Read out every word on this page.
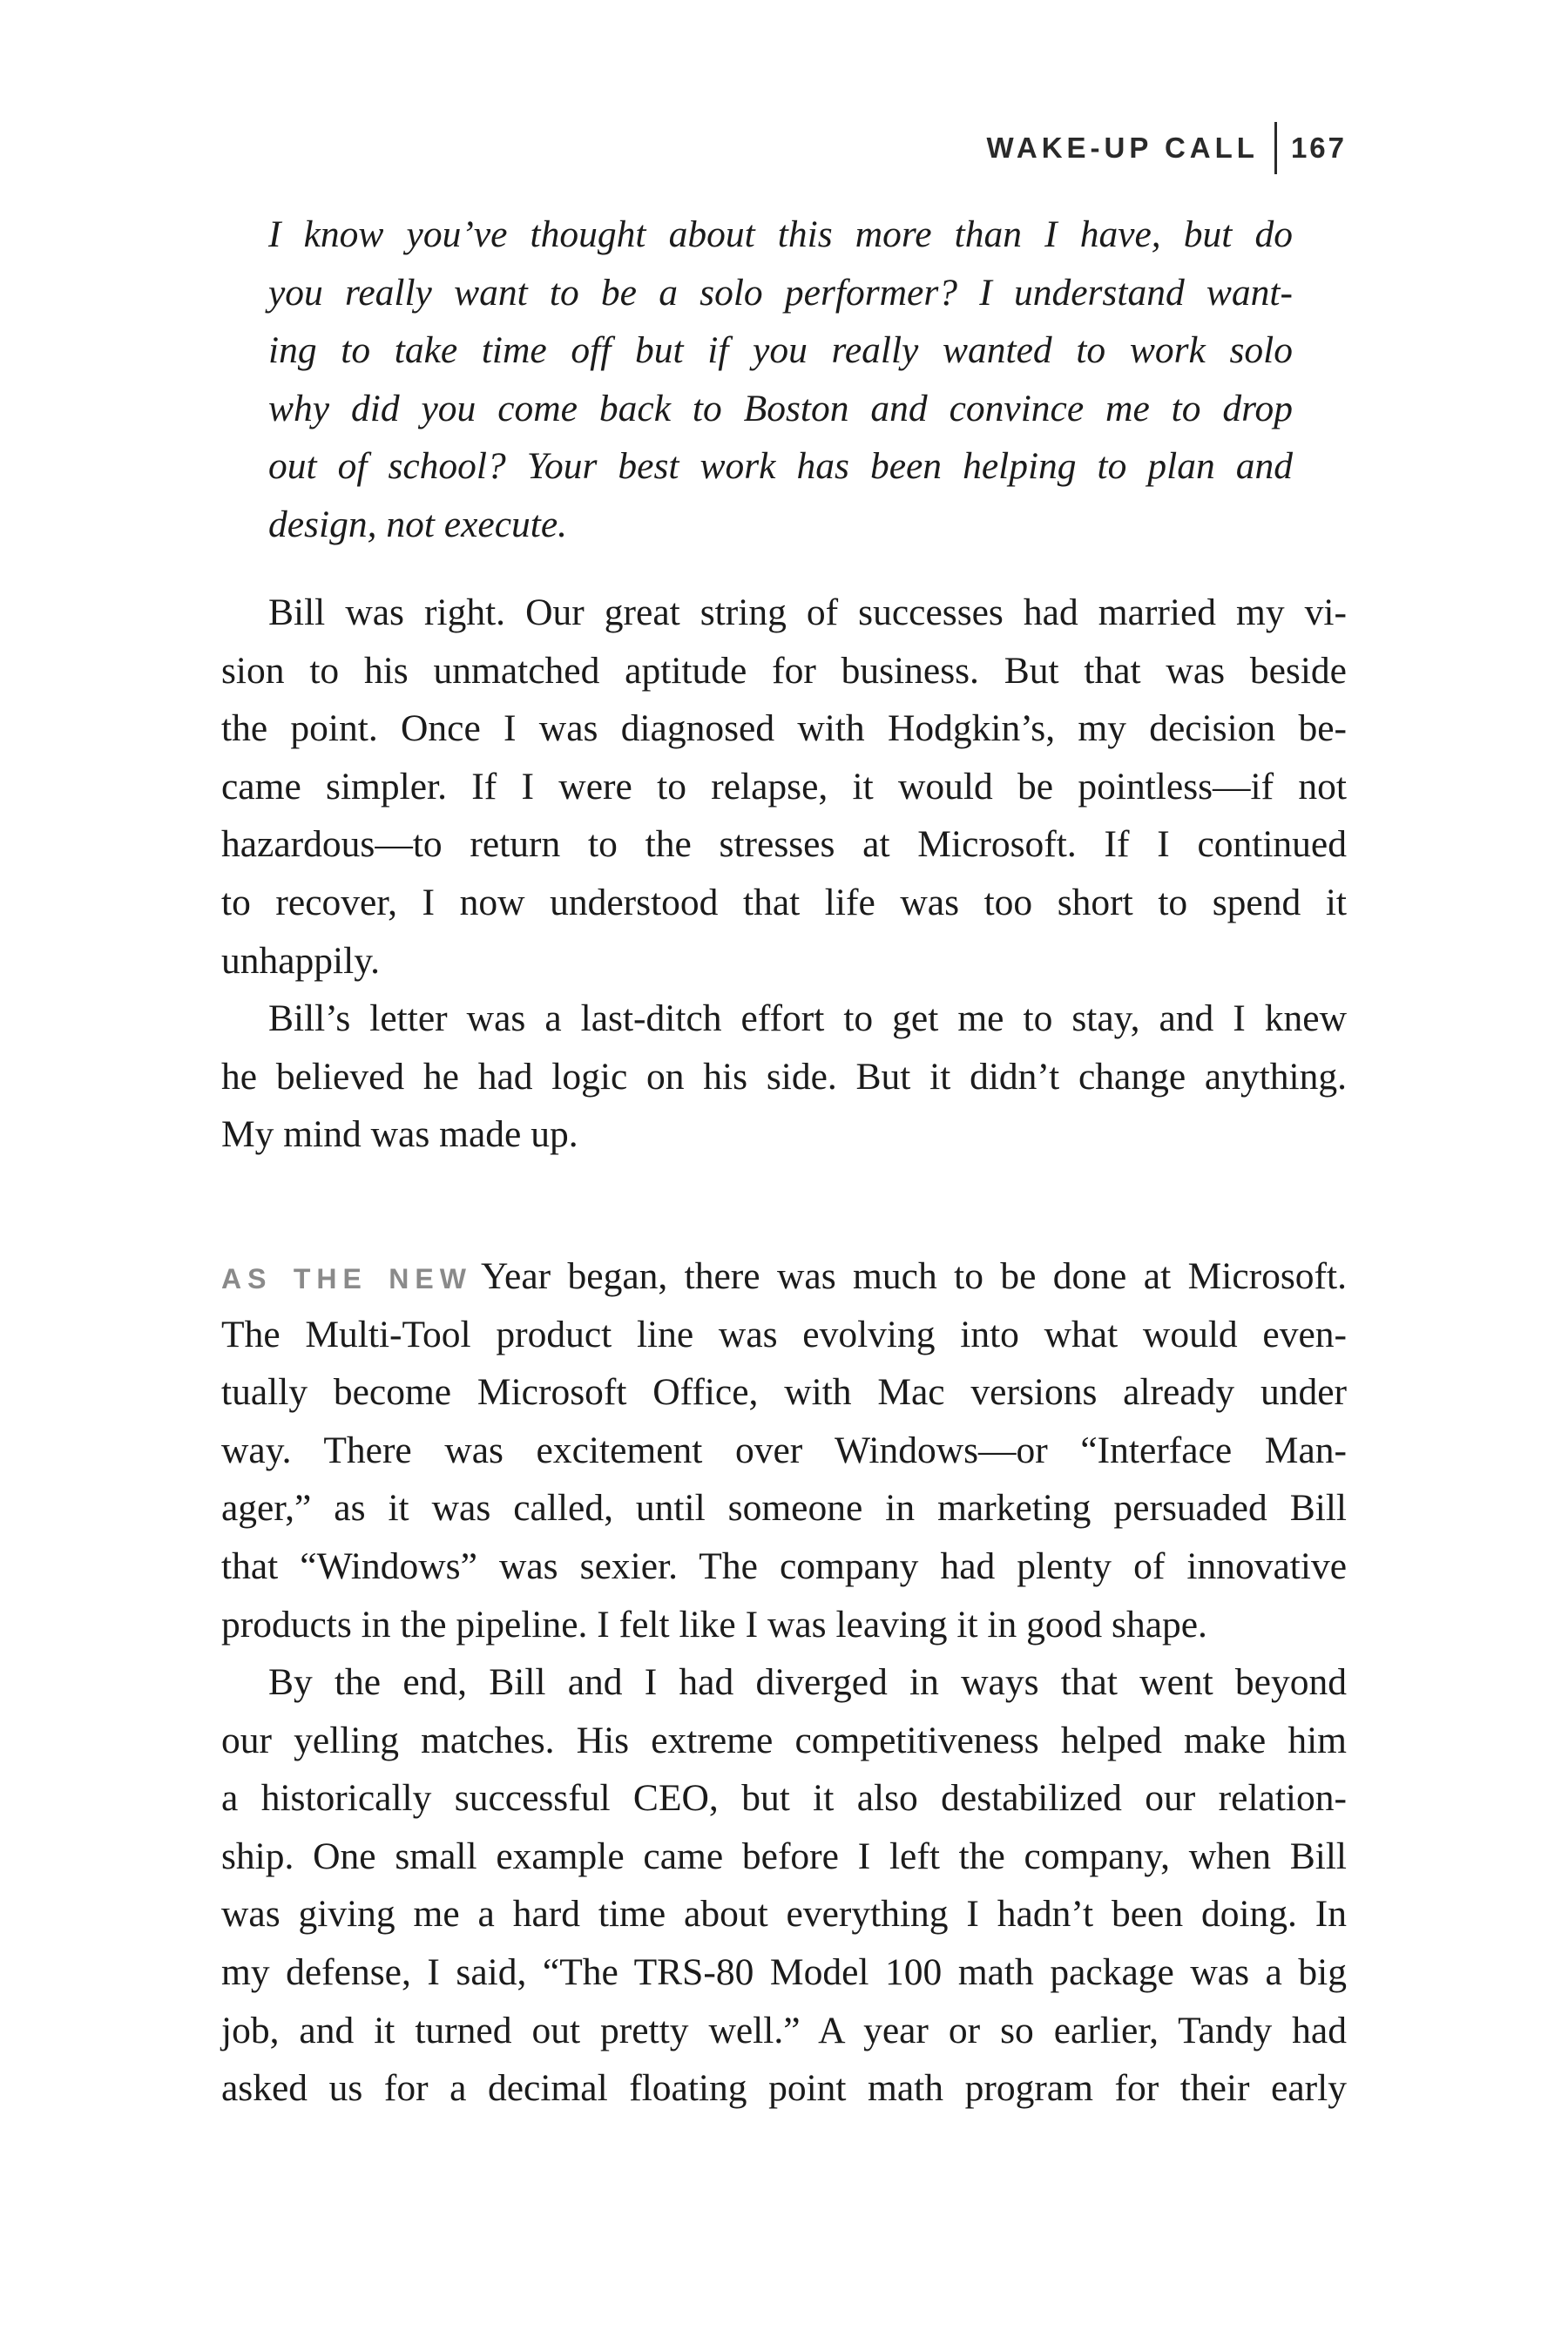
WAKE-UP CALL	167
I know you’ve thought about this more than I have, but do
you really want to be a solo performer? I understand want-
ing to take time off but if you really wanted to work solo
why did you come back to Boston and convince me to drop
out of school? Your best work has been helping to plan and
design, not execute.
Bill was right. Our great string of successes had married my vi-
sion to his unmatched aptitude for business. But that was beside
the point. Once I was diagnosed with Hodgkin’s, my decision be-
came simpler. If I were to relapse, it would be pointless—if not
hazardous—to return to the stresses at Microsoft. If I continued
to recover, I now understood that life was too short to spend it
unhappily.
Bill’s letter was a last-ditch effort to get me to stay, and I knew
he believed he had logic on his side. But it didn’t change anything.
My mind was made up.
AS THE NEW Year began, there was much to be done at Microsoft.
The Multi-Tool product line was evolving into what would even-
tually become Microsoft Office, with Mac versions already under
way. There was excitement over Windows—or “Interface Man-
ager,” as it was called, until someone in marketing persuaded Bill
that “Windows” was sexier. The company had plenty of innovative
products in the pipeline. I felt like I was leaving it in good shape.
By the end, Bill and I had diverged in ways that went beyond
our yelling matches. His extreme competitiveness helped make him
a historically successful CEO, but it also destabilized our relation-
ship. One small example came before I left the company, when Bill
was giving me a hard time about everything I hadn’t been doing. In
my defense, I said, “The TRS-80 Model 100 math package was a big
job, and it turned out pretty well.” A year or so earlier, Tandy had
asked us for a decimal floating point math program for their early
